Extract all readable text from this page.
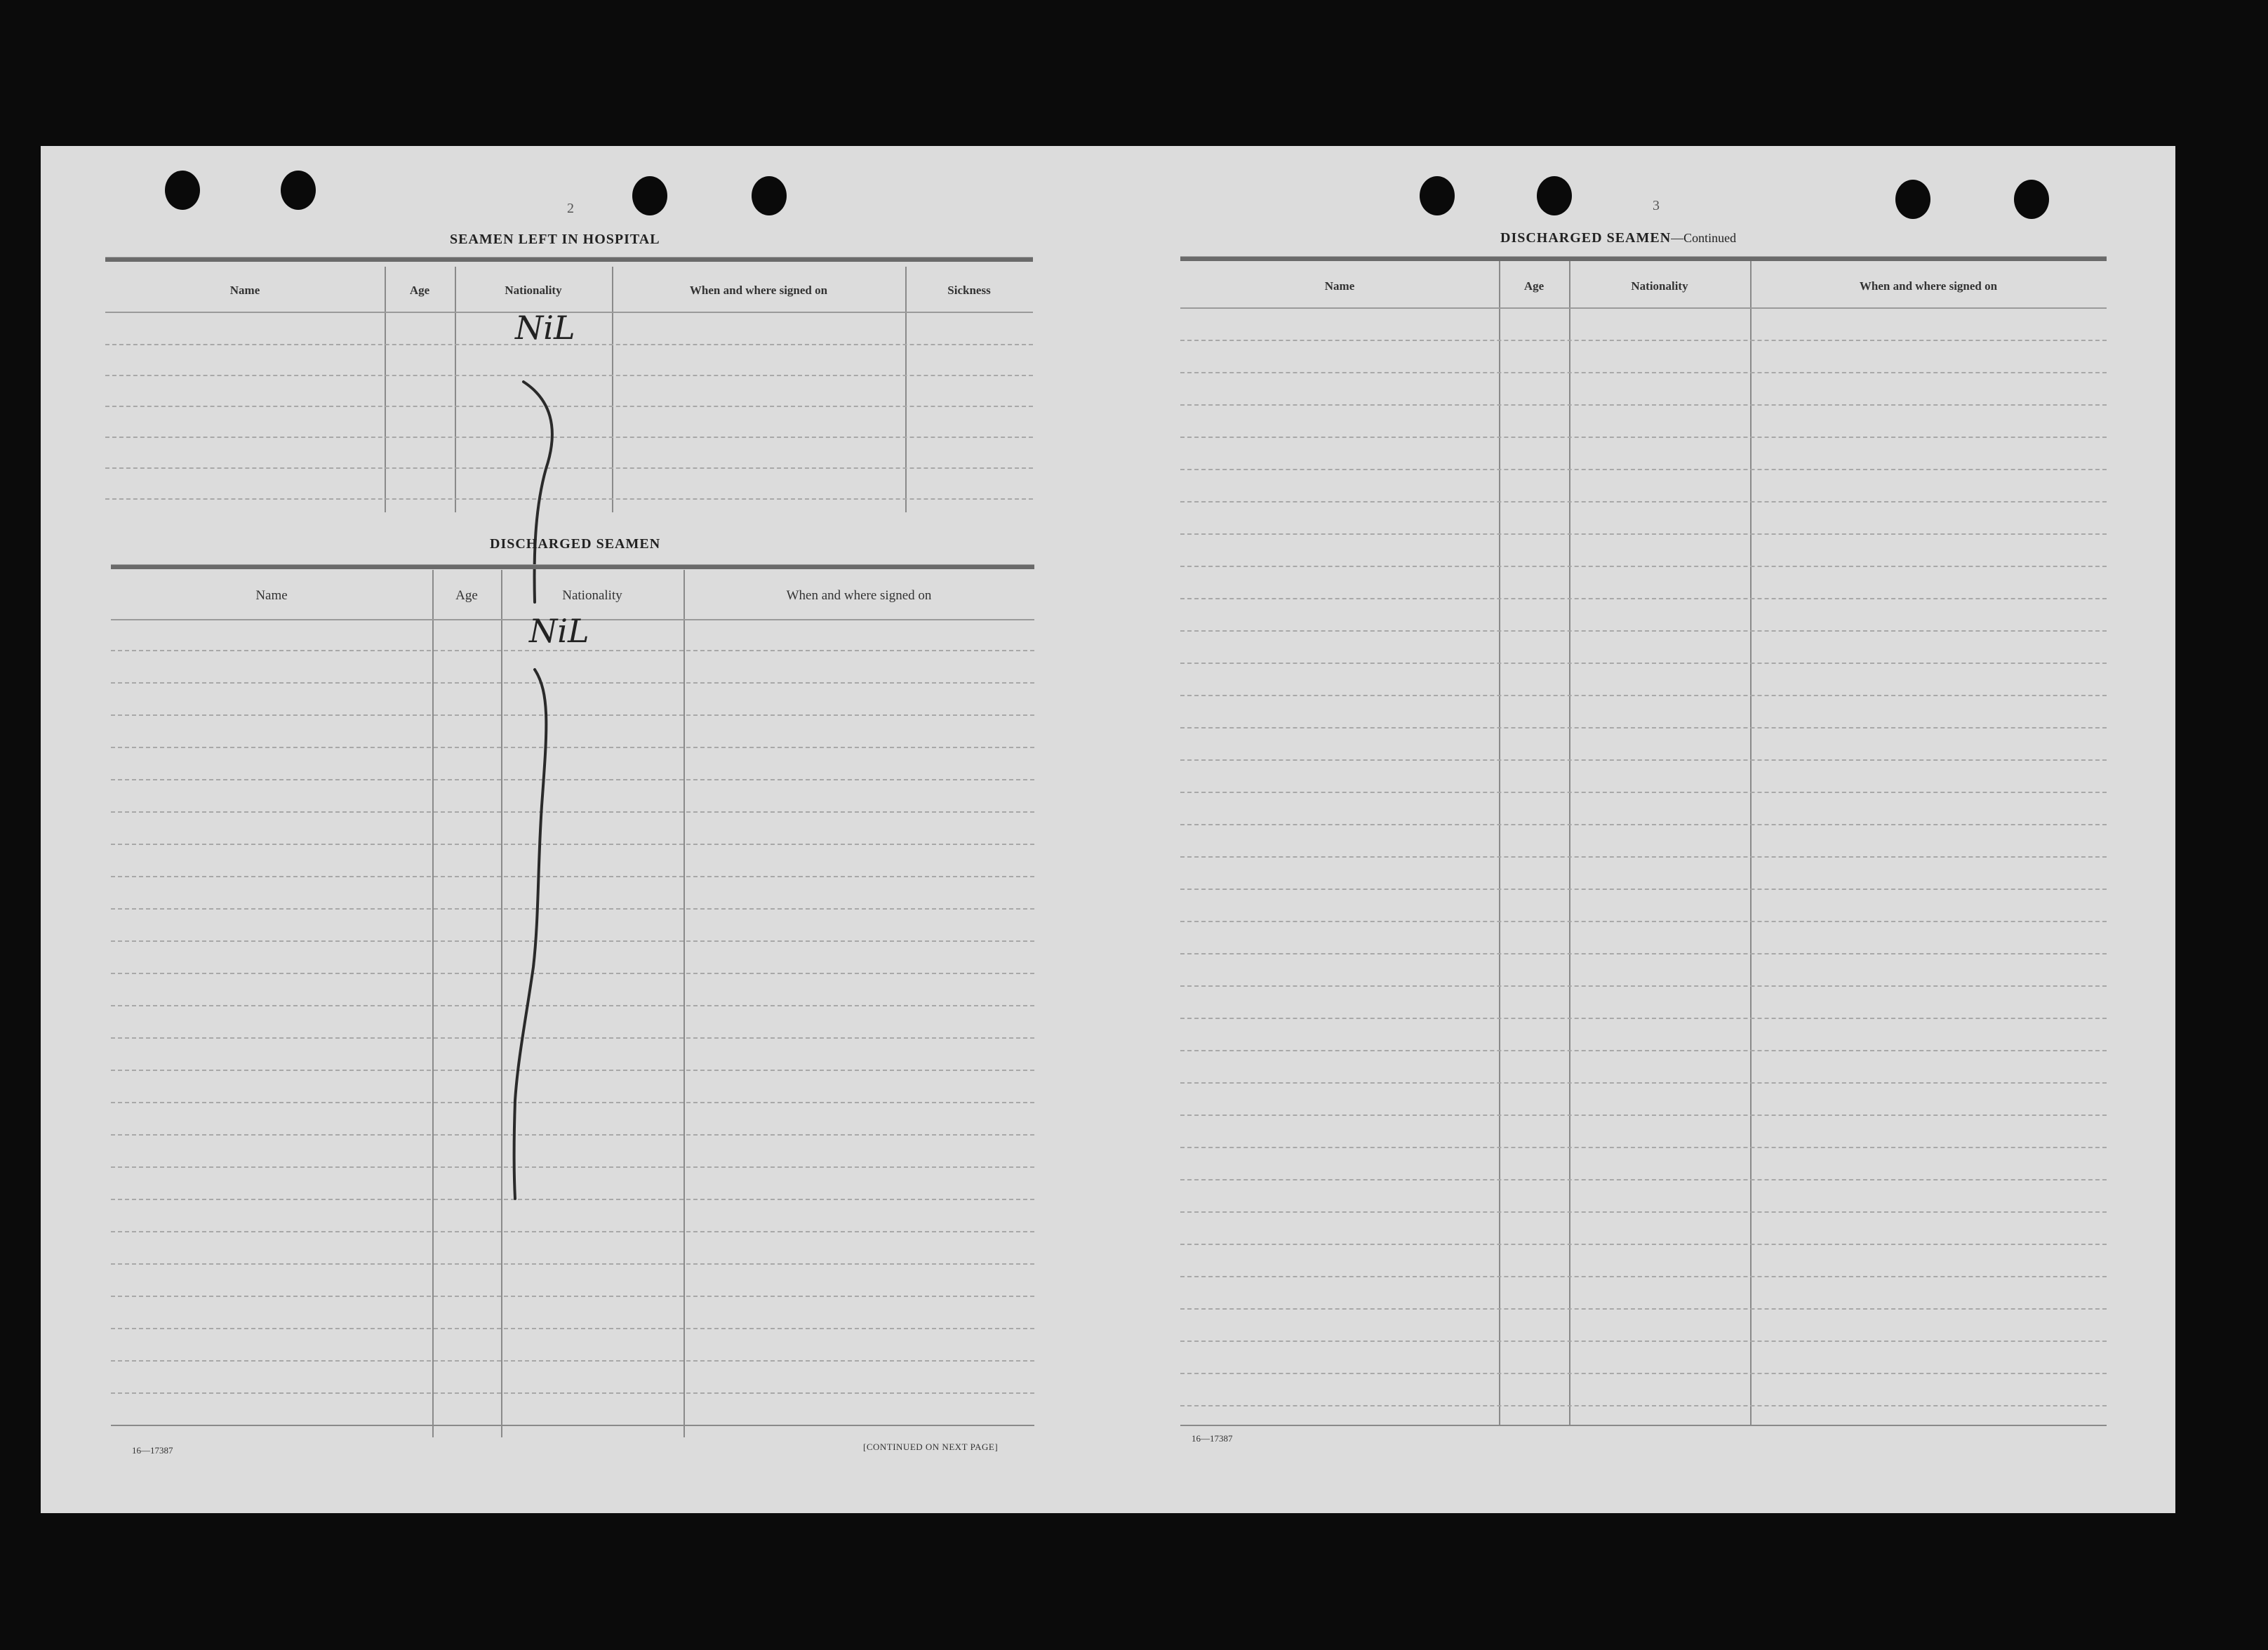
2
SEAMEN LEFT IN HOSPITAL
Name	Age	Nationality	When and where signed on	Sickness
NiL
DISCHARGED SEAMEN
Name	Age	Nationality	When and where signed on
NiL
16—17387	[CONTINUED ON NEXT PAGE]
3
DISCHARGED SEAMEN—Continued
Name	Age	Nationality	When and where signed on
16—17387
